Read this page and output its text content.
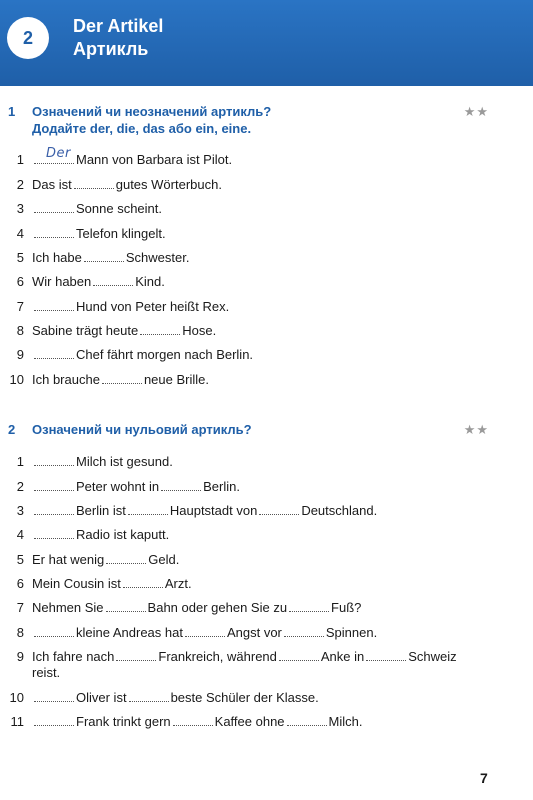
2
Der Artikel
Артикль
1 Означений чи неозначений артикль?
Додайте der, die, das або ein, eine.
★★
1 Der Mann von Barbara ist Pilot.
2 Das ist	gutes Wörterbuch.
3	Sonne scheint.
4	Telefon klingelt.
5 Ich habe	Schwester.
6 Wir haben	Kind.
7	Hund von Peter heißt Rex.
8 Sabine trägt heute	Hose.
9	Chef fährt morgen nach Berlin.
10 Ich brauche	neue Brille.
2 Означений чи нульовий артикль?	★★
1	Milch ist gesund.
2	Peter wohnt in	Berlin.
3	Berlin ist	Hauptstadt von	Deutschland.
4	Radio ist kaputt.
5 Er hat wenig	Geld.
6 Mein Cousin ist	Arzt.
7 Nehmen Sie	Bahn oder gehen Sie zu	Fuß?
8	kleine Andreas hat	Angst vor	Spinnen.
9 Ich fahre nach	Frankreich, während	Anke in	Schweiz
reist.
10	Oliver ist	beste Schüler der Klasse.
11	Frank trinkt gern	Kaffee ohne	Milch.
7
